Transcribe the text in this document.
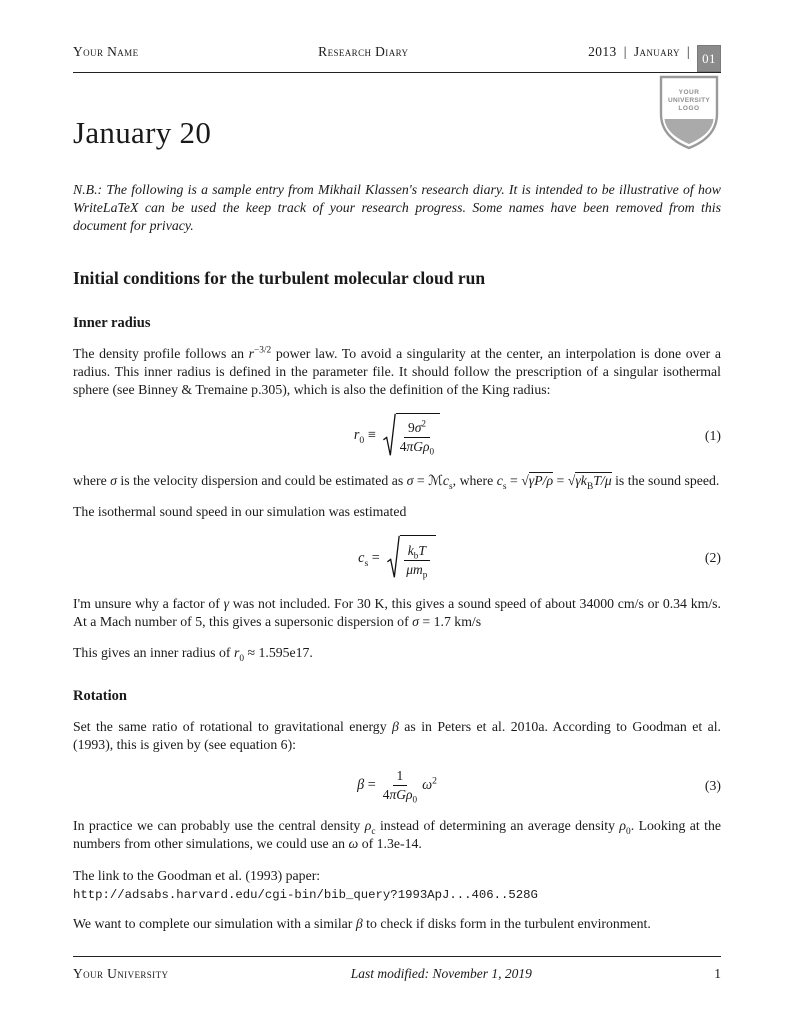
Your Name	Research Diary	2013 | January | 01
January 20

N.B.: The following is a sample entry from Mikhail Klassen's research diary. It is intended to be illustrative of how WriteLaTeX can be used the keep track of your research progress. Some names have been removed from this document for privacy.

Initial conditions for the turbulent molecular cloud run
Inner radius

The density profile follows an $r^{-3/2}$ power law. To avoid a singularity at the center, an interpolation is done over a radius. This inner radius is defined in the parameter file. It should follow the prescription of a singular isothermal sphere (see Binney & Tremaine p.305), which is also the definition of the King radius:

$r_0 \equiv \frac{9\sigma^2}{4\pi G\rho_0}$	(1)

where σ is the velocity dispersion and could be estimated as σ = ℳc$_s$, where $c_s = √\gamma P/\rho = √\gamma k_BT/\mu$ is the sound speed.

The isothermal sound speed in our simulation was estimated

$c_s = \frac{k_bT}{\mu m_p}$	(2)

I'm unsure why a factor of γ was not included. For 30 K, this gives a sound speed of about 34000 cm/s or 0.34 km/s. At a Mach number of 5, this gives a supersonic dispersion of σ = 1.7 km/s

This gives an inner radius of $r_0 \approx 1.595e17$.

Rotation

Set the same ratio of rotational to gravitational energy β as in Peters et al. 2010a. According to Goodman et al. (1993), this is given by (see equation 6):

$\beta = \frac{1}{4\pi G\rho_0} \omega^2$	(3)

In practice we can probably use the central density $\rho_c$ instead of determining an average density $\rho_0$. Looking at the numbers from other simulations, we could use an ω of 1.3e-14.

The link to the Goodman et al. (1993) paper:

http://adsabs.harvard.edu/cgi-bin/bib_query?1993ApJ...406..528G

We want to complete our simulation with a similar β to check if disks form in the turbulent environment.

YOUR
UNIVERSITY
LOGO
Your University	Last modified: November 1, 2019	1
